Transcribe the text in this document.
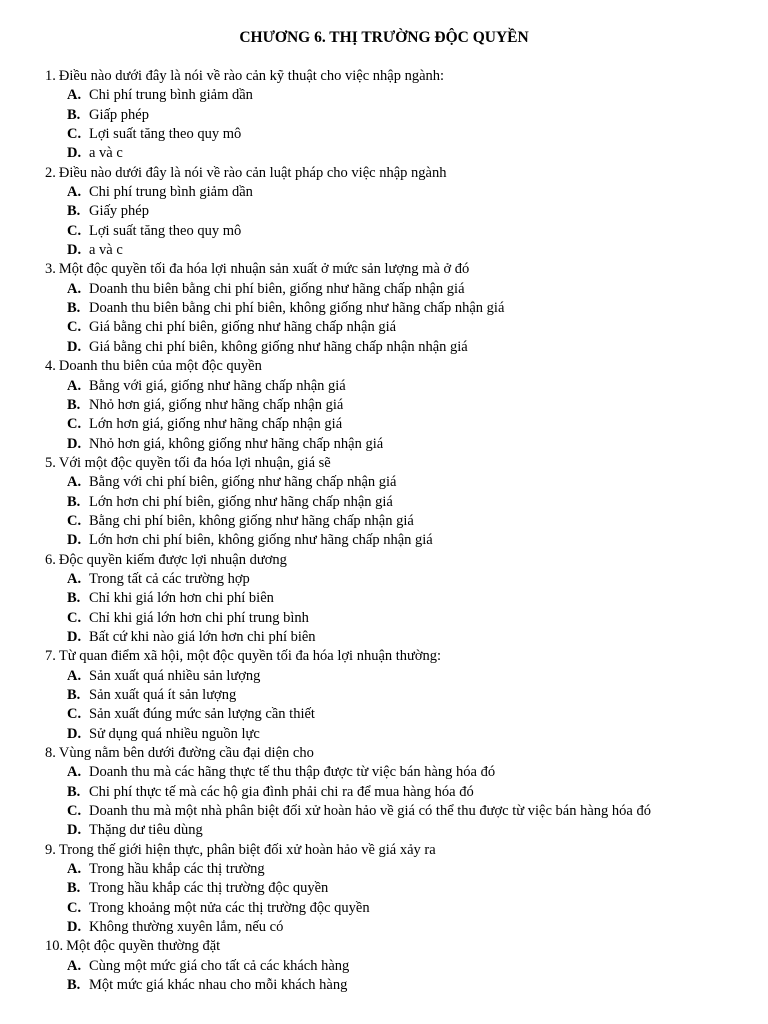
CHƯƠNG 6. THỊ TRƯỜNG ĐỘC QUYỀN
1. Điều nào dưới đây là nói về rào cản kỹ thuật cho việc nhập ngành:
A. Chi phí trung bình giảm dần
B. Giấp phép
C. Lợi suất tăng theo quy mô
D. a và c
2. Điều nào dưới đây là nói về rào cản luật pháp cho việc nhập ngành
A. Chi phí trung bình giảm dần
B. Giấy phép
C. Lợi suất tăng theo quy mô
D. a và c
3. Một độc quyền tối đa hóa lợi nhuận sản xuất ở mức sản lượng mà ở đó
A. Doanh thu biên bằng chi phí biên, giống như hãng chấp nhận giá
B. Doanh thu biên bằng chi phí biên, không giống như hãng chấp nhận giá
C. Giá bằng chi phí biên, giống như hãng chấp nhận giá
D. Giá bằng chi phí biên, không giống như hãng chấp nhận nhận giá
4. Doanh thu biên của một độc quyền
A. Bằng với giá, giống như hãng chấp nhận giá
B. Nhỏ hơn giá, giống như hãng chấp nhận giá
C. Lớn hơn giá, giống như hãng chấp nhận giá
D. Nhỏ hơn giá, không giống như hãng chấp nhận giá
5. Với một độc quyền tối đa hóa lợi nhuận, giá sẽ
A. Bằng với chi phí biên, giống như hãng chấp nhận giá
B. Lớn hơn chi phí biên, giống như hãng chấp nhận giá
C. Bằng chi phí biên, không giống như hãng chấp nhận giá
D. Lớn hơn chi phí biên, không giống như hãng chấp nhận giá
6. Độc quyền kiếm được lợi nhuận dương
A. Trong tất cả các trường hợp
B. Chỉ khi giá lớn hơn chi phí biên
C. Chỉ khi giá lớn hơn chi phí trung bình
D. Bất cứ khi nào giá lớn hơn chi phí biên
7. Từ quan điểm xã hội, một độc quyền tối đa hóa lợi nhuận thường:
A. Sản xuất quá nhiều sản lượng
B. Sản xuất quá ít sản lượng
C. Sản xuất đúng mức sản lượng cần thiết
D. Sử dụng quá nhiều nguồn lực
8. Vùng nằm bên dưới đường cầu đại diện cho
A. Doanh thu mà các hãng thực tế thu thập được từ việc bán hàng hóa đó
B. Chi phí thực tế mà các hộ gia đình phải chi ra để mua hàng hóa đó
C. Doanh thu mà một nhà phân biệt đối xử hoàn hảo về giá có thể thu được từ việc bán hàng hóa đó
D. Thặng dư tiêu dùng
9. Trong thế giới hiện thực, phân biệt đối xử hoàn hảo về giá xảy ra
A. Trong hầu khắp các thị trường
B. Trong hầu khắp các thị trường độc quyền
C. Trong khoảng một nửa các thị trường độc quyền
D. Không thường xuyên lắm, nếu có
10. Một độc quyền thường đặt
A. Cùng một mức giá cho tất cả các khách hàng
B. Một mức giá khác nhau cho mỗi khách hàng
